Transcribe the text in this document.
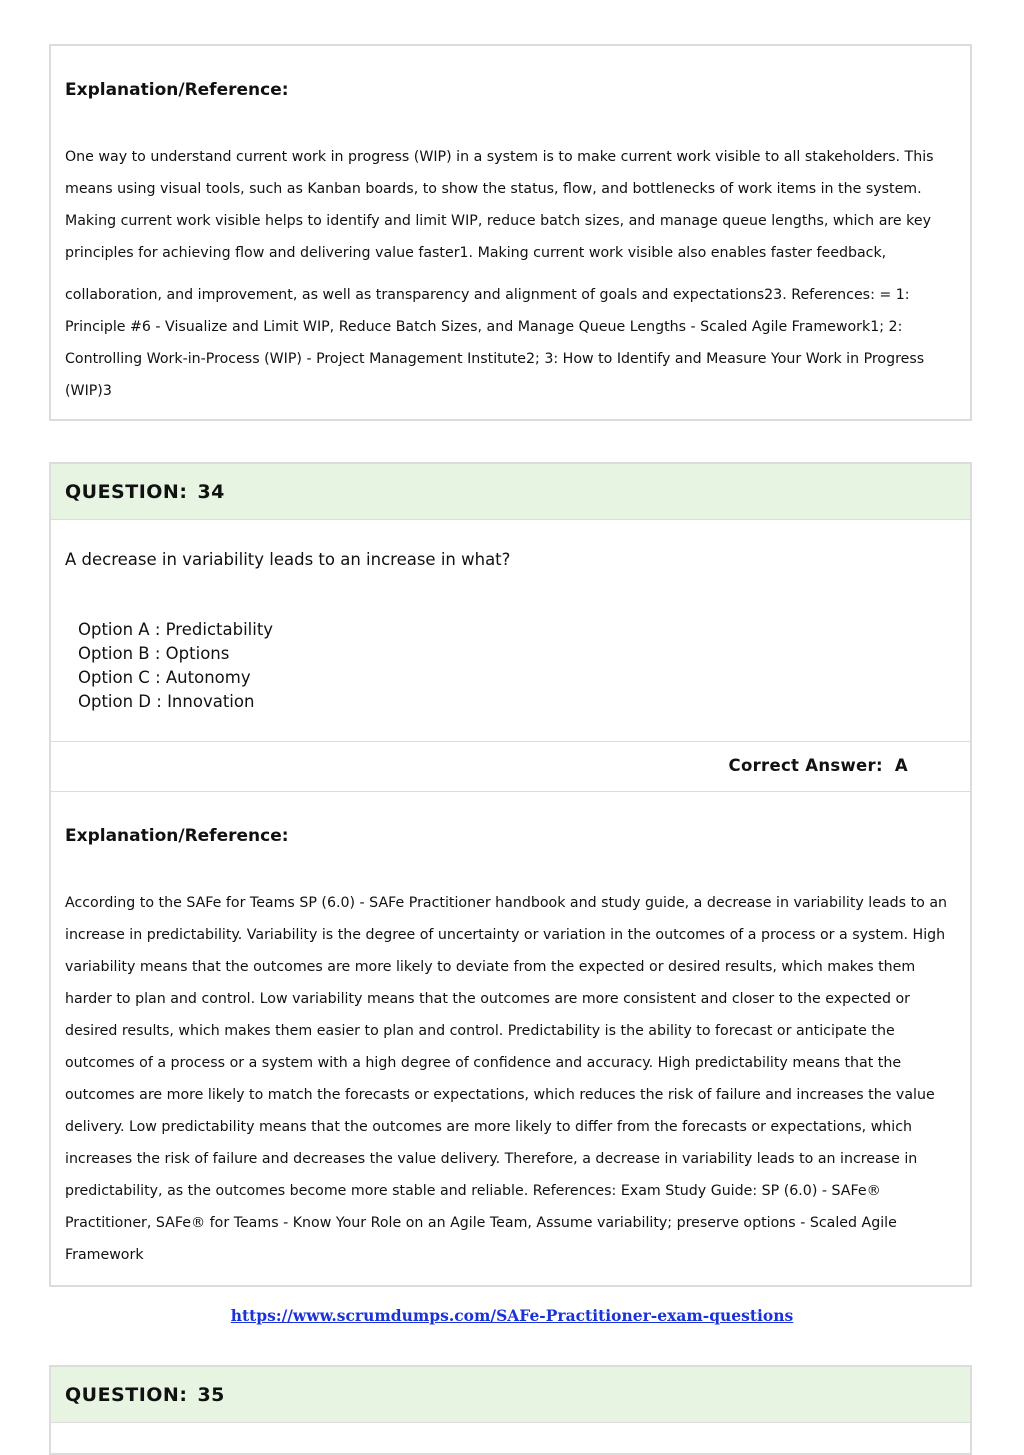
Explanation/Reference:
One way to understand current work in progress (WIP) in a system is to make current work visible to all stakeholders. This means using visual tools, such as Kanban boards, to show the status, flow, and bottlenecks of work items in the system. Making current work visible helps to identify and limit WIP, reduce batch sizes, and manage queue lengths, which are key principles for achieving flow and delivering value faster1. Making current work visible also enables faster feedback,
collaboration, and improvement, as well as transparency and alignment of goals and expectations23. References: = 1: Principle #6 - Visualize and Limit WIP, Reduce Batch Sizes, and Manage Queue Lengths - Scaled Agile Framework1; 2: Controlling Work-in-Process (WIP) - Project Management Institute2; 3: How to Identify and Measure Your Work in Progress (WIP)3
QUESTION: 34
A decrease in variability leads to an increase in what?
Option A : Predictability
Option B : Options
Option C : Autonomy
Option D : Innovation
Correct Answer: A
Explanation/Reference:
According to the SAFe for Teams SP (6.0) - SAFe Practitioner handbook and study guide, a decrease in variability leads to an increase in predictability. Variability is the degree of uncertainty or variation in the outcomes of a process or a system. High variability means that the outcomes are more likely to deviate from the expected or desired results, which makes them harder to plan and control. Low variability means that the outcomes are more consistent and closer to the expected or desired results, which makes them easier to plan and control. Predictability is the ability to forecast or anticipate the outcomes of a process or a system with a high degree of confidence and accuracy. High predictability means that the outcomes are more likely to match the forecasts or expectations, which reduces the risk of failure and increases the value delivery. Low predictability means that the outcomes are more likely to differ from the forecasts or expectations, which increases the risk of failure and decreases the value delivery. Therefore, a decrease in variability leads to an increase in predictability, as the outcomes become more stable and reliable. References: Exam Study Guide: SP (6.0) - SAFe® Practitioner, SAFe® for Teams - Know Your Role on an Agile Team, Assume variability; preserve options - Scaled Agile Framework
https://www.scrumdumps.com/SAFe-Practitioner-exam-questions
QUESTION: 35
